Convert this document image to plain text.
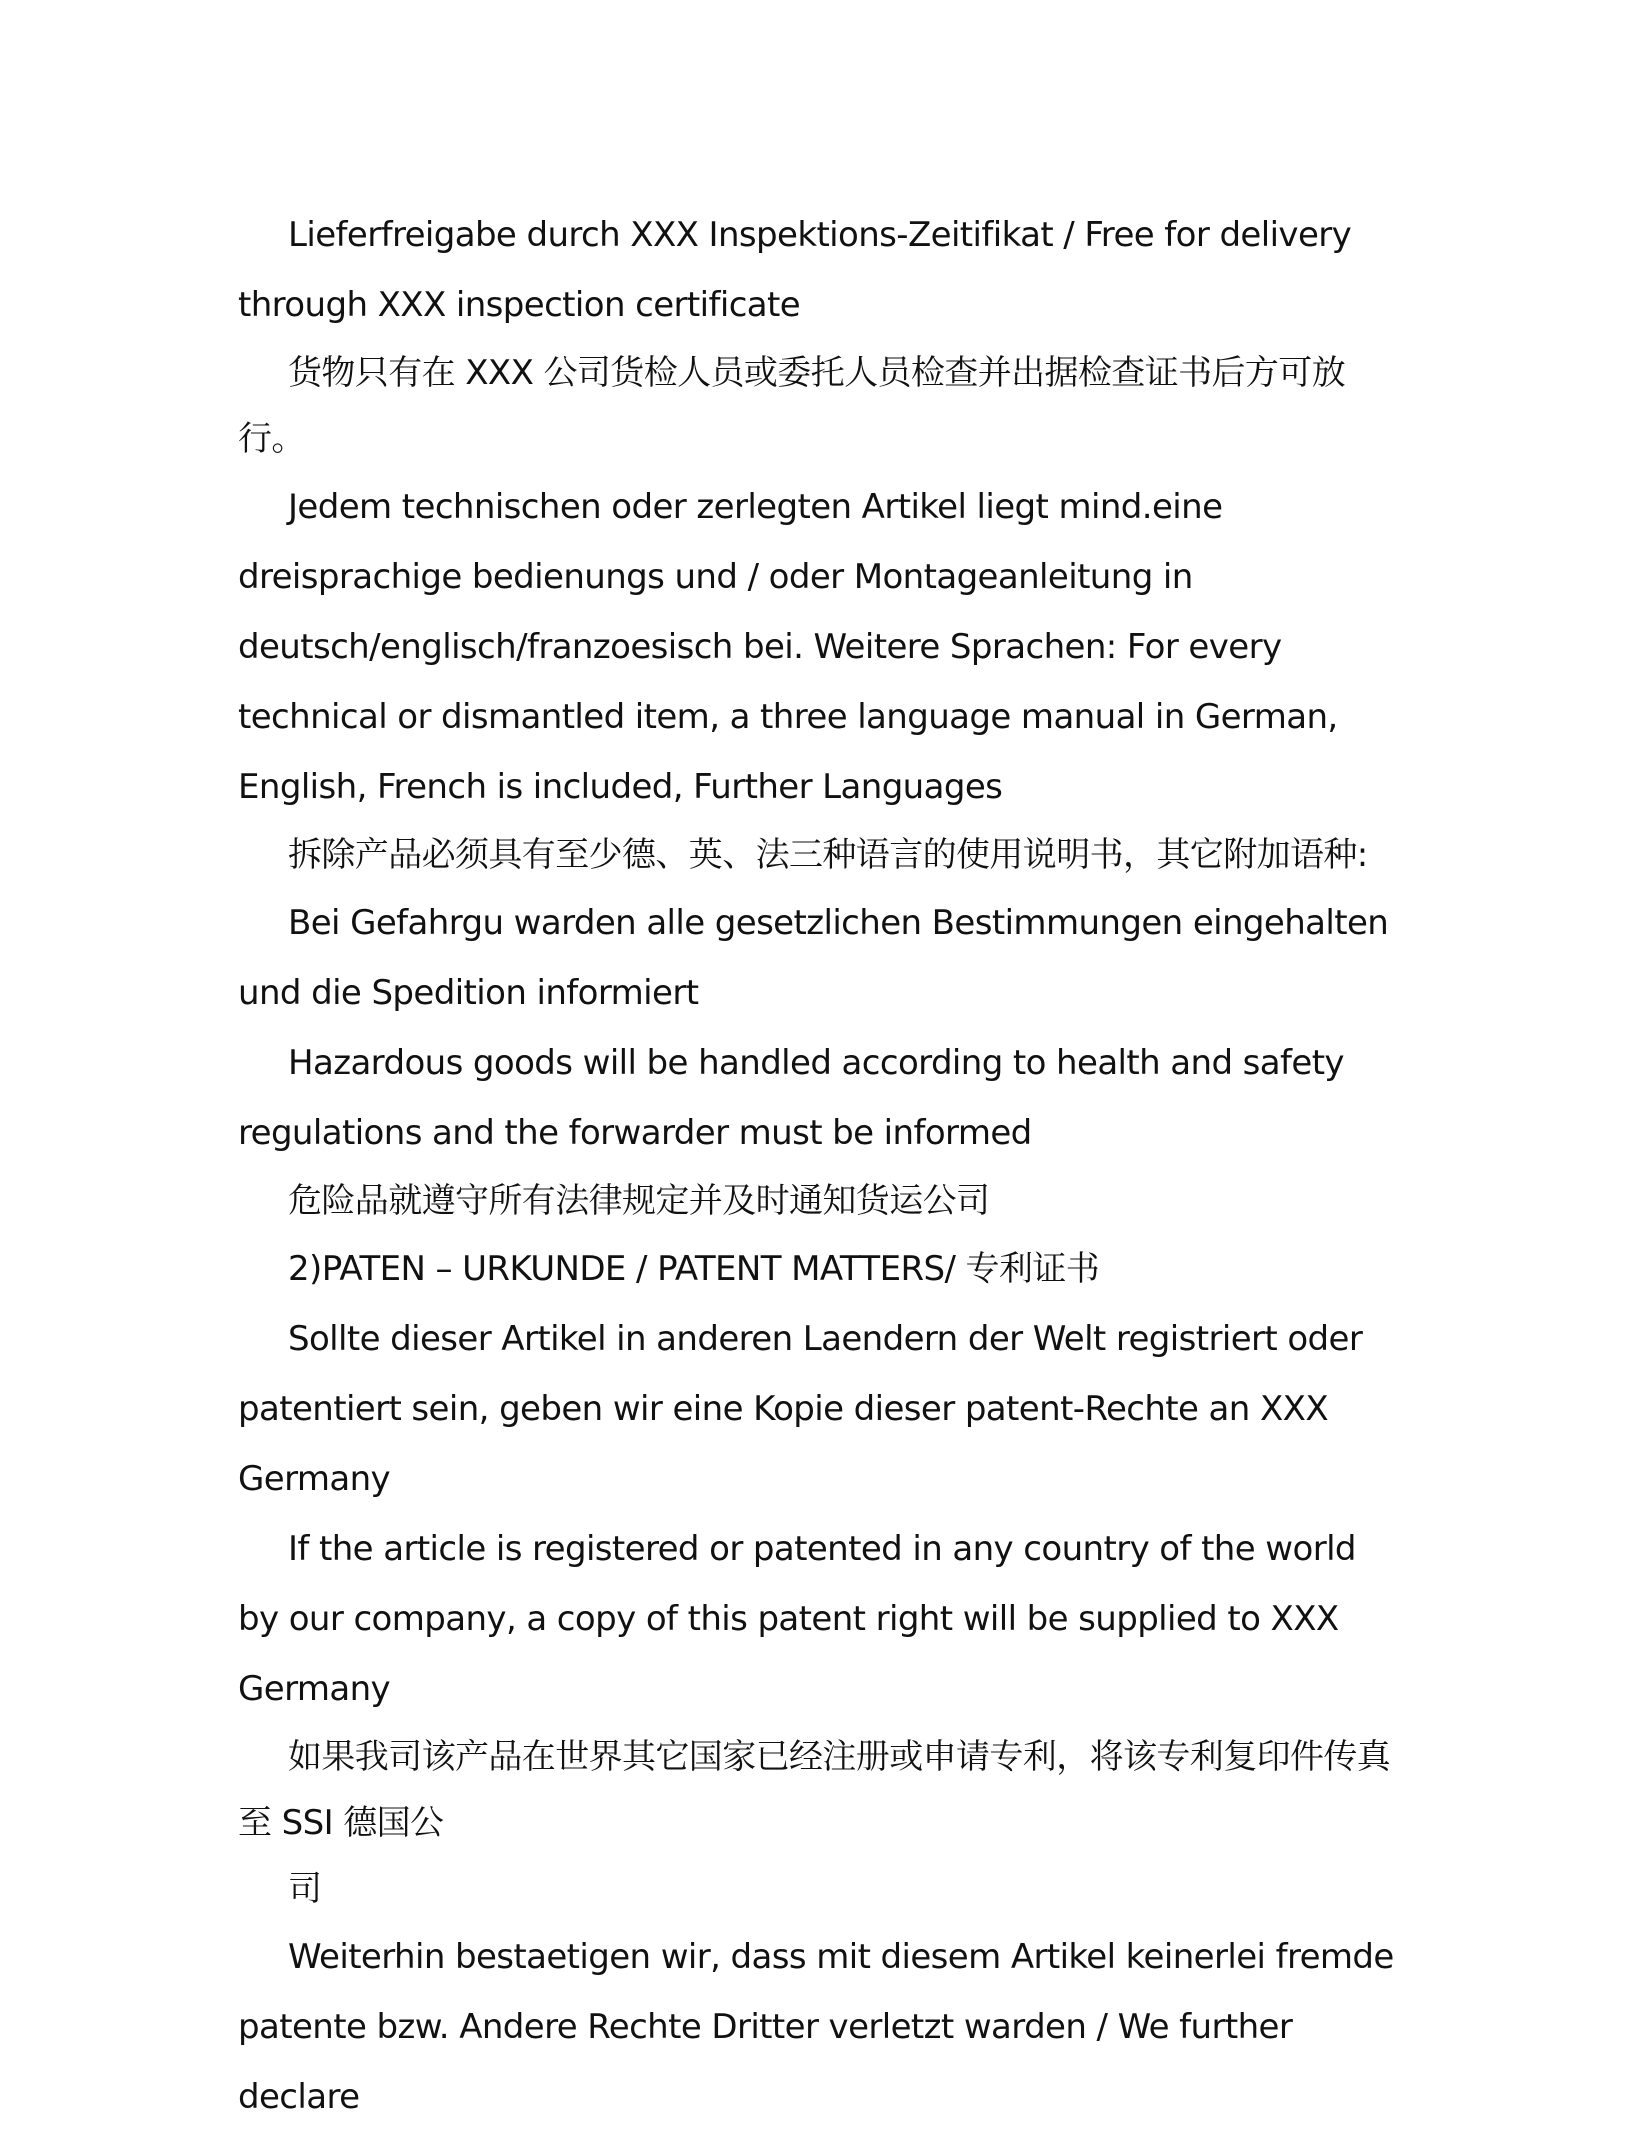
Lieferfreigabe durch XXX Inspektions-Zeitifikat / Free for delivery through XXX inspection certificate

货物只有在 XXX 公司货检人员或委托人员检查并出据检查证书后方可放行。

Jedem technischen oder zerlegten Artikel liegt mind.eine dreisprachige bedienungs und / oder Montageanleitung in deutsch/englisch/franzoesisch bei. Weitere Sprachen: For every technical or dismantled item, a three language manual in German, English, French is included, Further Languages

拆除产品必须具有至少德、英、法三种语言的使用说明书，其它附加语种:

Bei Gefahrgu warden alle gesetzlichen Bestimmungen eingehalten und die Spedition informiert

Hazardous goods will be handled according to health and safety regulations and the forwarder must be informed

危险品就遵守所有法律规定并及时通知货运公司

2)PATEN – URKUNDE / PATENT MATTERS/ 专利证书

Sollte dieser Artikel in anderen Laendern der Welt registriert oder patentiert sein, geben wir eine Kopie dieser patent-Rechte an XXX Germany

If the article is registered or patented in any country of the world by our company, a copy of this patent right will be supplied to XXX Germany

如果我司该产品在世界其它国家已经注册或申请专利，将该专利复印件传真至 SSI 德国公

司

Weiterhin bestaetigen wir, dass mit diesem Artikel keinerlei fremde patente bzw. Andere Rechte Dritter verletzt warden / We further declare
